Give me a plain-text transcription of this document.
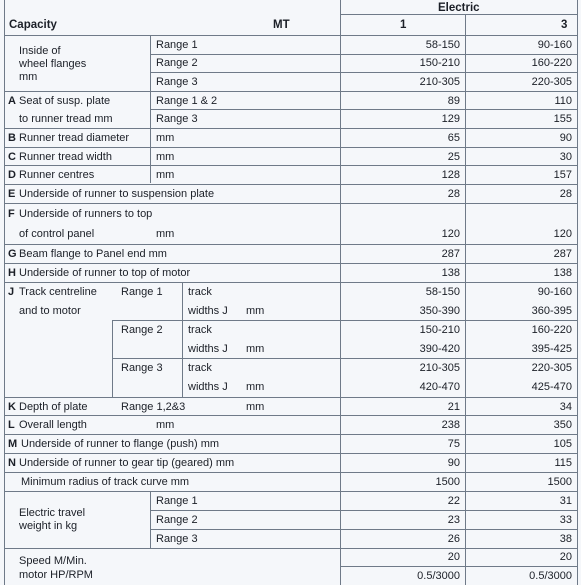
Capacity	MT
Electric
1	3
Inside of
wheel flanges
mm
Range 1	58-150	90-160
Range 2	150-210	160-220
Range 3	210-305	220-305
A Seat of susp. plate
to runner tread mm
Range 1 & 2	89	110
Range 3	129	155
B Runner tread diameter mm	65	90
C Runner tread width	mm	25	30
D Runner centres	mm	128	157
E Underside of runner to suspension plate	28	28
F Underside of runners to top
of control panel	mm	120	120
G Beam flange to Panel end mm	287	287
H Underside of runner to top of motor	138	138
J Track centreline
and to motor
Range 1 track	58-150	90-160
widths J mm	350-390	360-395
Range 2 track	150-210	160-220
widths J mm	390-420	395-425
Range 3 track	210-305	220-305
widths J mm	420-470	425-470
K Depth of plate	Range 1,2&3	mm	21	34
L Overall length	mm	238	350
M Underside of runner to flange (push) mm	75	105
N Underside of runner to gear tip (geared) mm	90	115
Minimum radius of track curve mm	1500	1500
Electric travel
weight in kg
Range 1	22	31
Range 2	23	33
Range 3	26	38
Speed M/Min.
motor HP/RPM
20	20
0.5/3000	0.5/3000
